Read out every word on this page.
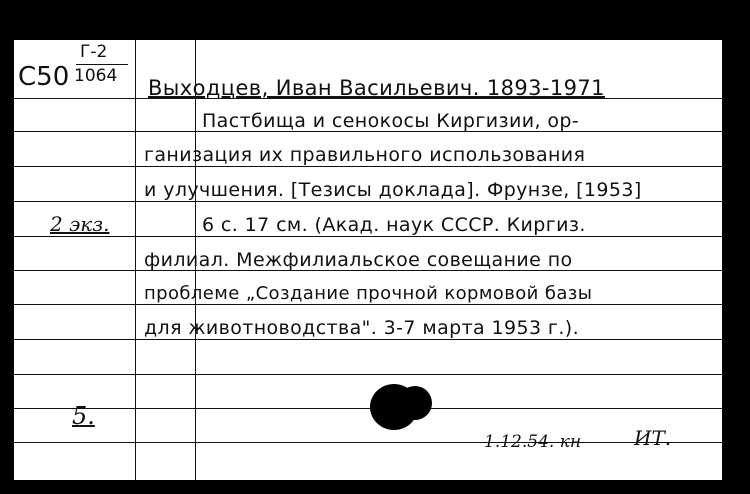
C50
Г-2
1064 Выходцев, Иван Васильевич. 1893-1971
Пастбища и сенокосы Киргизии, ор-
ганизация их правильного использования
и улучшения. [Тезисы доклада]. Фрунзе, [1953]
6 с. 17 см. (Акад. наук СССР. Киргиз.
филиал. Межфилиальское совещание по
проблеме „Создание прочной кормовой базы
для животноводства". 3-7 марта 1953 г.).
2 экз.
5.
1.12.54. кн	ИТ.
